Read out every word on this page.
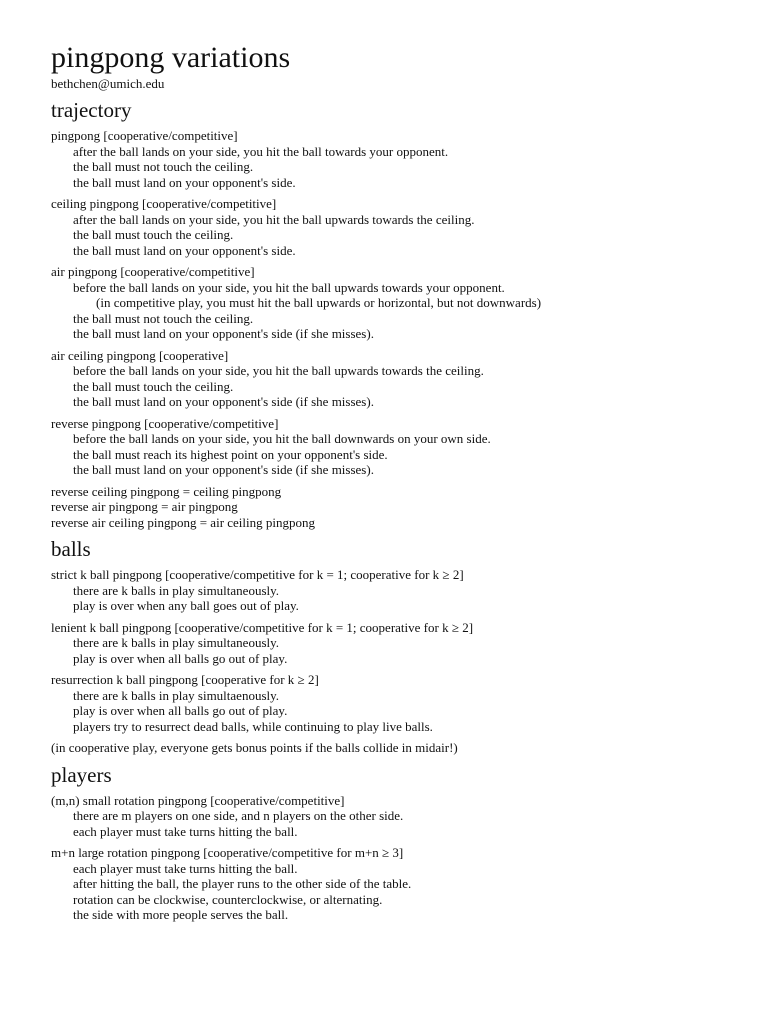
pingpong variations
bethchen@umich.edu
trajectory
pingpong [cooperative/competitive]
after the ball lands on your side, you hit the ball towards your opponent.
the ball must not touch the ceiling.
the ball must land on your opponent's side.
ceiling pingpong [cooperative/competitive]
after the ball lands on your side, you hit the ball upwards towards the ceiling.
the ball must touch the ceiling.
the ball must land on your opponent's side.
air pingpong [cooperative/competitive]
before the ball lands on your side, you hit the ball upwards towards your opponent.
(in competitive play, you must hit the ball upwards or horizontal, but not downwards)
the ball must not touch the ceiling.
the ball must land on your opponent's side (if she misses).
air ceiling pingpong [cooperative]
before the ball lands on your side, you hit the ball upwards towards the ceiling.
the ball must touch the ceiling.
the ball must land on your opponent's side (if she misses).
reverse pingpong [cooperative/competitive]
before the ball lands on your side, you hit the ball downwards on your own side.
the ball must reach its highest point on your opponent's side.
the ball must land on your opponent's side (if she misses).
reverse ceiling pingpong = ceiling pingpong
reverse air pingpong = air pingpong
reverse air ceiling pingpong = air ceiling pingpong
balls
strict k ball pingpong [cooperative/competitive for k = 1; cooperative for k ≥ 2]
there are k balls in play simultaneously.
play is over when any ball goes out of play.
lenient k ball pingpong [cooperative/competitive for k = 1; cooperative for k ≥ 2]
there are k balls in play simultaneously.
play is over when all balls go out of play.
resurrection k ball pingpong [cooperative for k ≥ 2]
there are k balls in play simultaenously.
play is over when all balls go out of play.
players try to resurrect dead balls, while continuing to play live balls.
(in cooperative play, everyone gets bonus points if the balls collide in midair!)
players
(m,n) small rotation pingpong [cooperative/competitive]
there are m players on one side, and n players on the other side.
each player must take turns hitting the ball.
m+n large rotation pingpong [cooperative/competitive for m+n ≥ 3]
each player must take turns hitting the ball.
after hitting the ball, the player runs to the other side of the table.
rotation can be clockwise, counterclockwise, or alternating.
the side with more people serves the ball.
